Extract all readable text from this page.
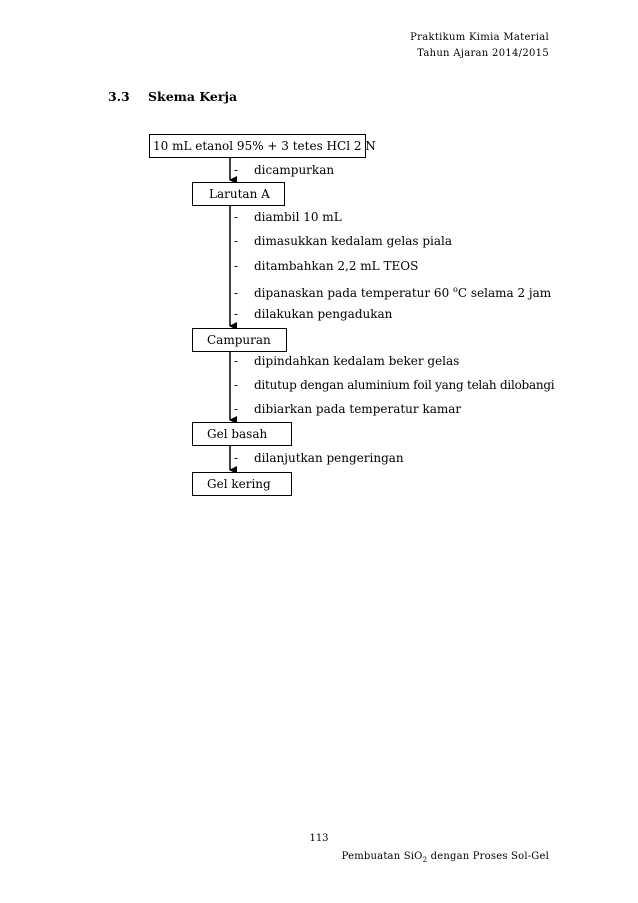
Praktikum Kimia Material
Tahun Ajaran 2014/2015
3.3 Skema Kerja
10 mL etanol 95% + 3 tetes HCl 2 N
Larutan A
Campuran
Gel basah
Gel kering
- dicampurkan
- diambil 10 mL
- dimasukkan kedalam gelas piala
- ditambahkan 2,2 mL TEOS
- dipanaskan pada temperatur 60 $^o$C selama 2 jam
- dilakukan pengadukan
- dipindahkan kedalam beker gelas
- ditutup dengan aluminium foil yang telah dilobangi
- dibiarkan pada temperatur kamar
- dilanjutkan pengeringan
113
Pembuatan SiO$_2$ dengan Proses Sol-Gel
